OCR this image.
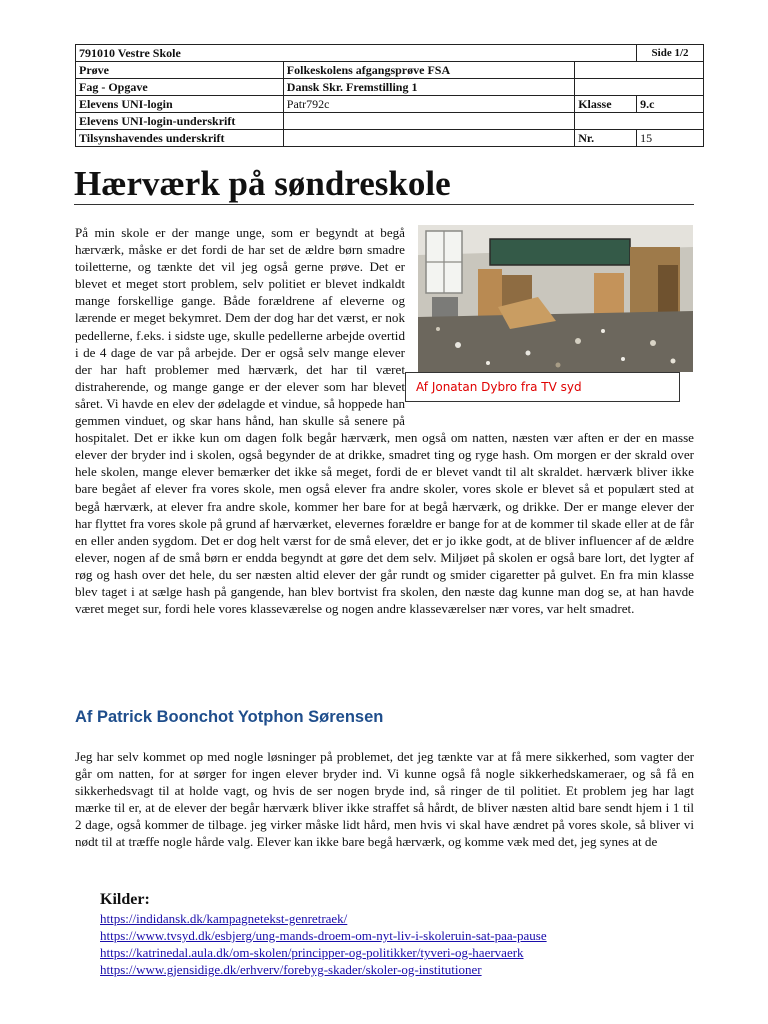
791010 Vestre Skole			Side 1/2
Prøve	Folkeskolens afgangsprøve FSA		
Fag - Opgave	Dansk Skr. Fremstilling 1		
Elevens UNI-login	Patr792c	Klasse	9.c
Elevens UNI-login-underskrift			
Tilsynshavendes underskrift		Nr.	15
Hærværk på søndreskole

På min skole er der mange unge, som er begyndt at begå hærværk, måske er det fordi de har set de ældre børn smadre toiletterne, og tænkte det vil jeg også gerne prøve. Det er blevet et meget stort problem, selv politiet er blevet indkaldt mange forskellige gange. Både forældrene af eleverne og lærende er meget bekymret. Dem der dog har det værst, er nok pedellerne, f.eks. i sidste uge, skulle pedellerne arbejde overtid i de 4 dage de var på arbejde. Der er også selv mange elever der har haft problemer med hærværk, det har til været distraherende, og mange gange er der elever som har blevet såret. Vi havde en elev der ødelagde et vindue, så hoppede han gemmen vinduet, og skar hans hånd, han skulle så senere på hospitalet. Det er ikke kun om dagen folk begår hærværk, men også om natten, næsten vær aften er der en masse elever der bryder ind i skolen, også begynder de at drikke, smadret ting og ryge hash. Om morgen er der skrald over hele skolen, mange elever bemærker det ikke så meget, fordi de er blevet vandt til alt skraldet. hærværk bliver ikke bare begået af elever fra vores skole, men også elever fra andre skoler, vores skole er blevet så et populært sted at begå hærværk, at elever fra andre skole, kommer her bare for at begå hærværk, og drikke. Der er mange elever der har flyttet fra vores skole på grund af hærværket, elevernes forældre er bange for at de kommer til skade eller at de får en eller anden sygdom. Det er dog helt værst for de små elever, det er jo ikke godt, at de bliver influencer af de ældre elever, nogen af de små børn er endda begyndt at gøre det dem selv. Miljøet på skolen er også bare lort, det lygter af røg og hash over det hele, du ser næsten altid elever der går rundt og smider cigaretter på gulvet. En fra min klasse blev taget i at sælge hash på gangende, han blev bortvist fra skolen, den næste dag kunne man dog se, at han havde været meget sur, fordi hele vores klasseværelse og nogen andre klasseværelser nær vores, var helt smadret.

Af Jonatan Dybro fra TV syd
Af Patrick Boonchot Yotphon Sørensen

Jeg har selv kommet op med nogle løsninger på problemet, det jeg tænkte var at få mere sikkerhed, som vagter der går om natten, for at sørger for ingen elever bryder ind. Vi kunne også få nogle sikkerhedskameraer, og så få en sikkerhedsvagt til at holde vagt, og hvis de ser nogen bryde ind, så ringer de til politiet. Et problem jeg har lagt mærke til er, at de elever der begår hærværk bliver ikke straffet så hårdt, de bliver næsten altid bare sendt hjem i 1 til 2 dage, også kommer de tilbage. jeg virker måske lidt hård, men hvis vi skal have ændret på vores skole, så bliver vi nødt til at træffe nogle hårde valg. Elever kan ikke bare begå hærværk, og komme væk med det, jeg synes at de

Kilder:

https://indidansk.dk/kampagnetekst-genretraek/
https://www.tvsyd.dk/esbjerg/ung-mands-droem-om-nyt-liv-i-skoleruin-sat-paa-pause
https://katrinedal.aula.dk/om-skolen/principper-og-politikker/tyveri-og-haervaerk
https://www.gjensidige.dk/erhverv/forebyg-skader/skoler-og-institutioner
